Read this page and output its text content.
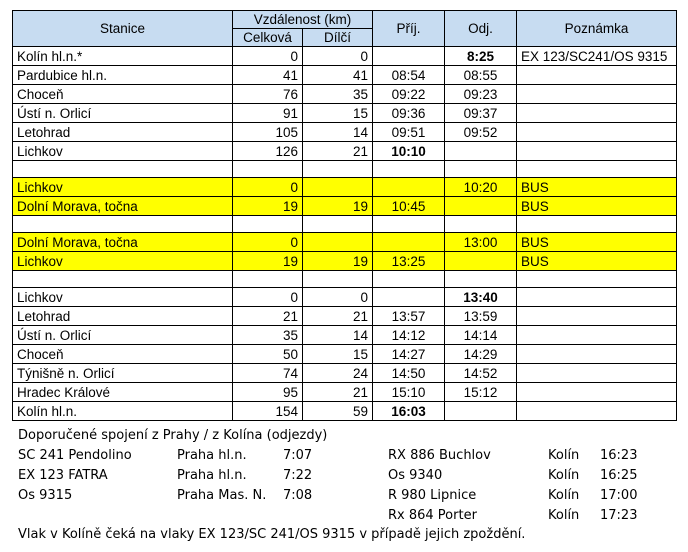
Stanice	Vzdálenost (km)		Příj.	Odj.	Poznámka
	Celková	Dílčí			
Kolín hl.n.*	0	0		8:25	EX 123/SC241/OS 9315
Pardubice hl.n.	41	41	08:54	08:55	
Choceň	76	35	09:22	09:23	
Ústí n. Orlicí	91	15	09:36	09:37	
Letohrad	105	14	09:51	09:52	
Lichkov	126	21	10:10		

Lichkov	0			10:20	BUS
Dolní Morava, točna	19	19	10:45		BUS

Dolní Morava, točna	0			13:00	BUS
Lichkov	19	19	13:25		BUS

Lichkov	0	0		13:40	
Letohrad	21	21	13:57	13:59	
Ústí n. Orlicí	35	14	14:12	14:14	
Choceň	50	15	14:27	14:29	
Týnišně n. Orlicí	74	24	14:50	14:52	
Hradec Králové	95	21	15:10	15:12	
Kolín hl.n.	154	59	16:03		
Doporučené spojení z Prahy / z Kolína (odjezdy)
SC 241 Pendolino	Praha hl.n.	7:07
EX 123 FATRA	Praha hl.n.	7:22
Os 9315	Praha Mas. N. 7:08
RX 886 Buchlov	Kolín 16:23
Os 9340	Kolín 16:25
R 980 Lipnice	Kolín 17:00
Rx 864 Porter	Kolín 17:23
Vlak v Kolíně čeká na vlaky EX 123/SC 241/OS 9315 v případě jejich zpoždění.
